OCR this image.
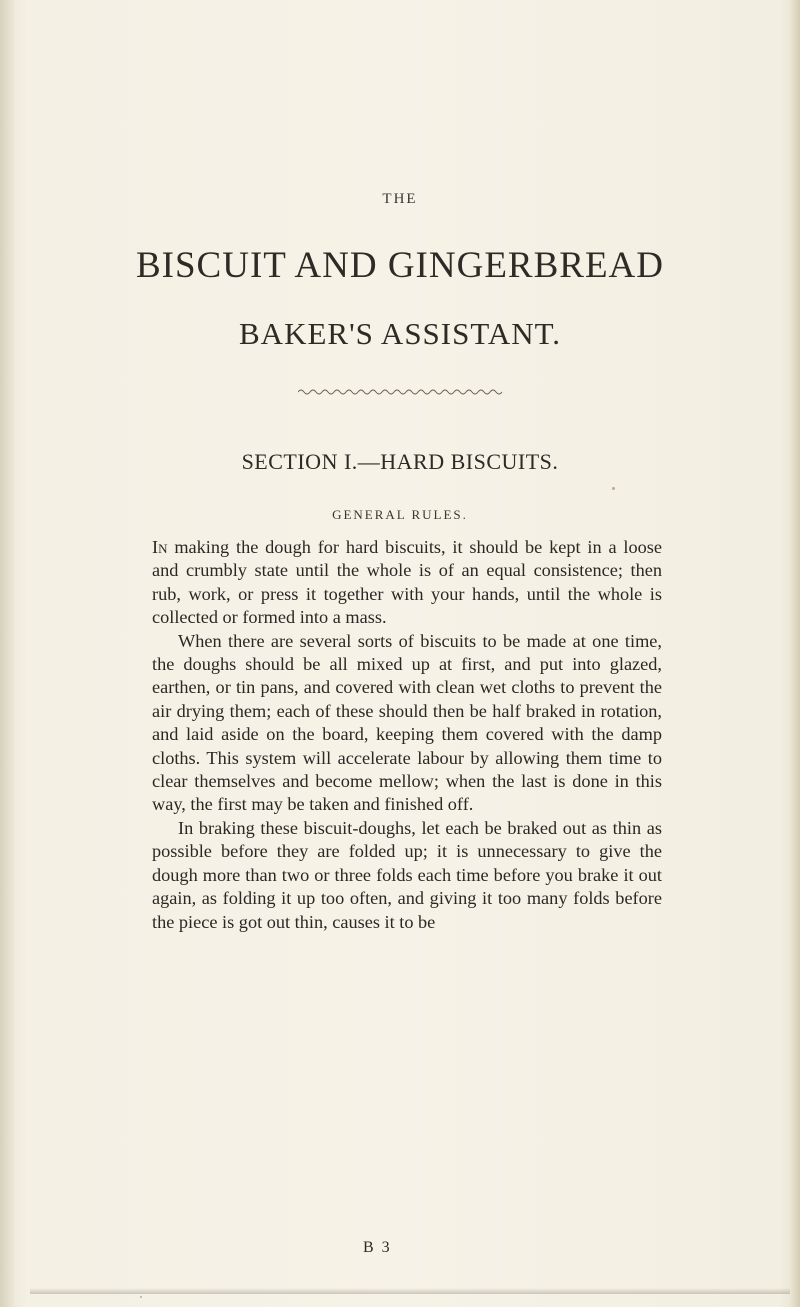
THE
BISCUIT AND GINGERBREAD
BAKER'S ASSISTANT.
SECTION I.—HARD BISCUITS.
GENERAL RULES.

In making the dough for hard biscuits, it should be kept in a loose and crumbly state until the whole is of an equal consistence; then rub, work, or press it together with your hands, until the whole is collected or formed into a mass.

When there are several sorts of biscuits to be made at one time, the doughs should be all mixed up at first, and put into glazed, earthen, or tin pans, and covered with clean wet cloths to prevent the air drying them; each of these should then be half braked in rotation, and laid aside on the board, keeping them covered with the damp cloths. This system will accelerate labour by allowing them time to clear themselves and become mellow; when the last is done in this way, the first may be taken and finished off.

In braking these biscuit-doughs, let each be braked out as thin as possible before they are folded up; it is unnecessary to give the dough more than two or three folds each time before you brake it out again, as folding it up too often, and giving it too many folds before the piece is got out thin, causes it to be

B 3
